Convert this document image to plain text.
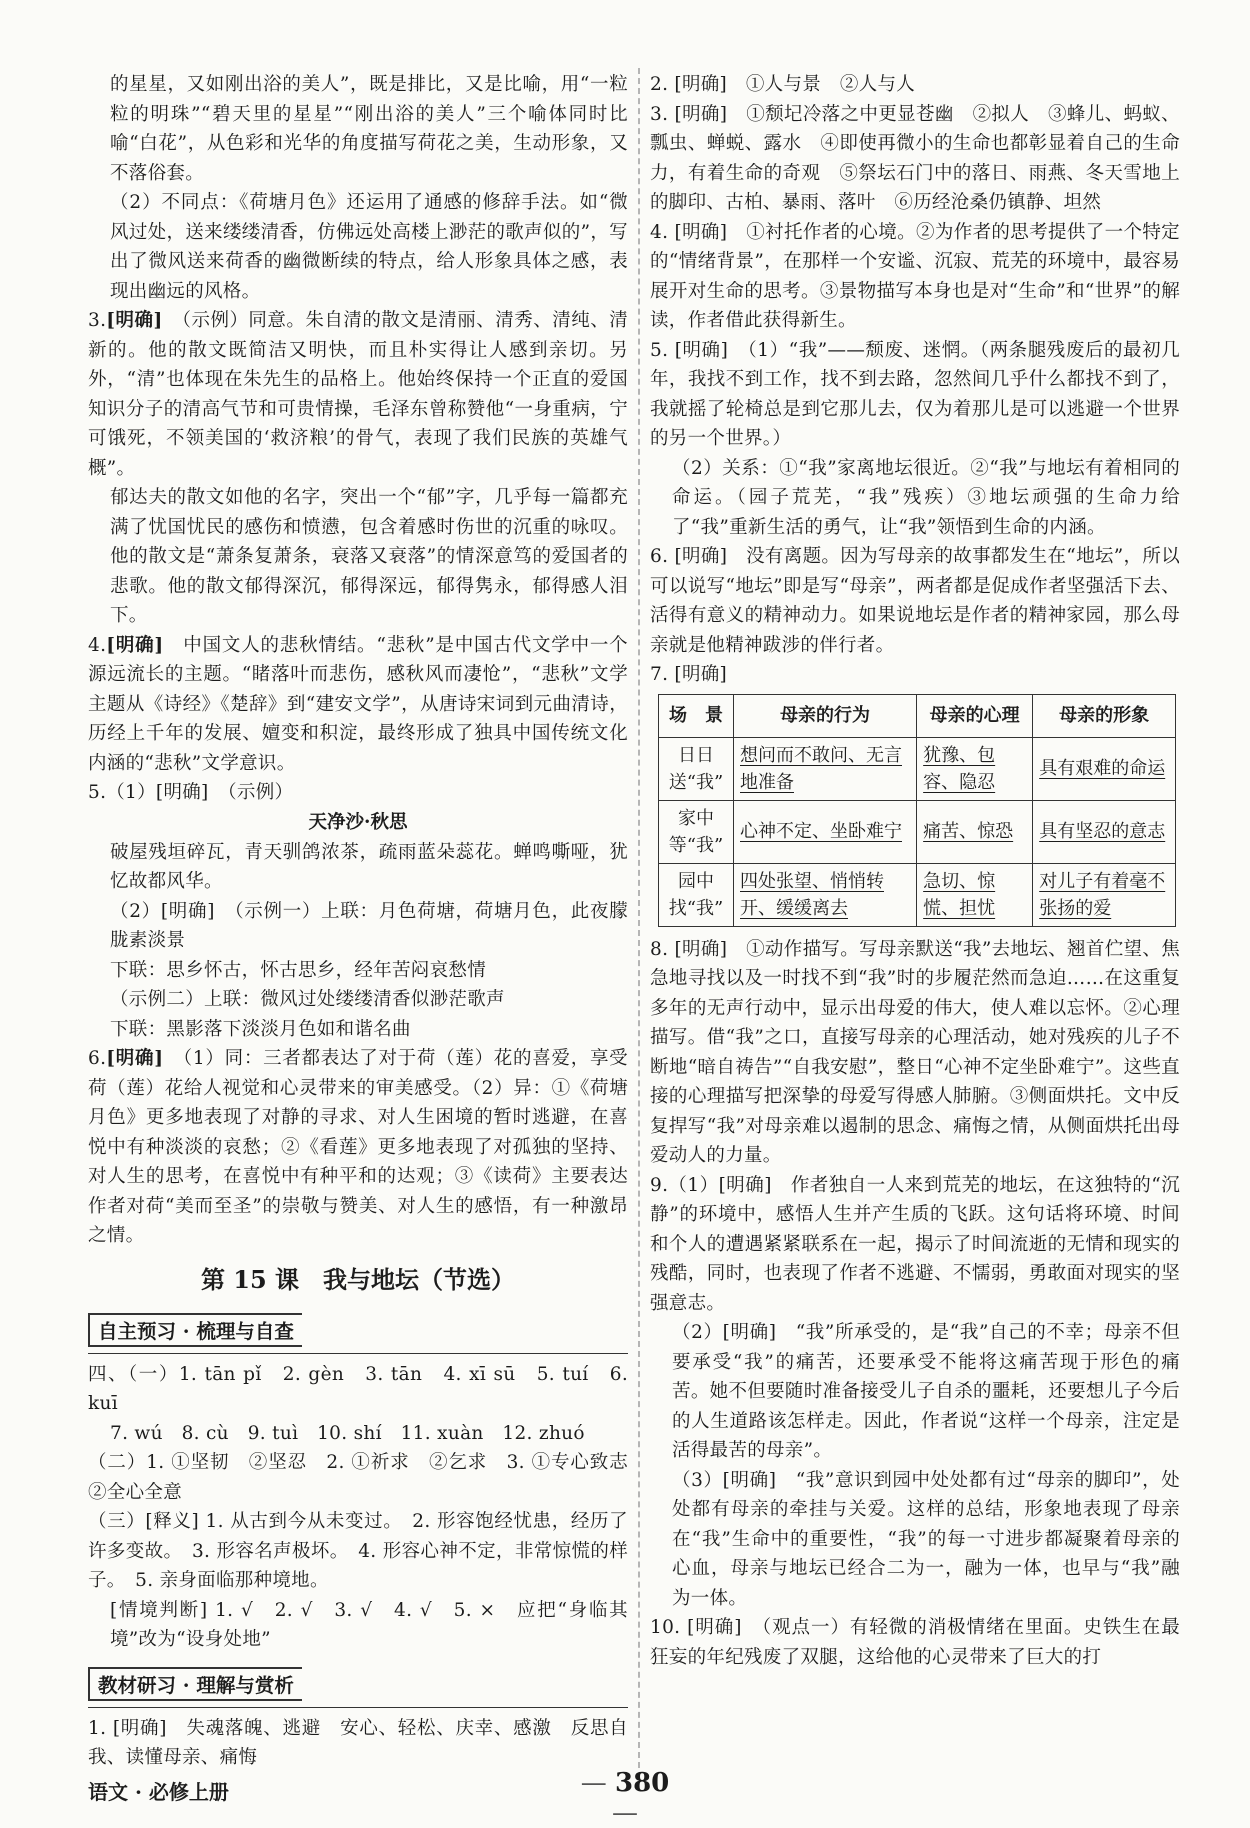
的星星，又如刚出浴的美人”，既是排比，又是比喻，用“一粒粒的明珠”“碧天里的星星”“刚出浴的美人”三个喻体同时比喻“白花”，从色彩和光华的角度描写荷花之美，生动形象，又不落俗套。

（2）不同点：《荷塘月色》还运用了通感的修辞手法。如“微风过处，送来缕缕清香，仿佛远处高楼上渺茫的歌声似的”，写出了微风送来荷香的幽微断续的特点，给人形象具体之感，表现出幽远的风格。

3.[明确]　 （示例）同意。朱自清的散文是清丽、清秀、清纯、清新的。他的散文既简洁又明快，而且朴实得让人感到亲切。另外，“清”也体现在朱先生的品格上。他始终保持一个正直的爱国知识分子的清高气节和可贵情操，毛泽东曾称赞他“一身重病，宁可饿死，不领美国的‘救济粮’的骨气，表现了我们民族的英雄气概”。

郁达夫的散文如他的名字，突出一个“郁”字，几乎每一篇都充满了忧国忧民的感伤和愤懑，包含着感时伤世的沉重的咏叹。他的散文是“萧条复萧条，衰落又衰落”的情深意笃的爱国者的悲歌。他的散文郁得深沉，郁得深远，郁得隽永，郁得感人泪下。

4.[明确]　 中国文人的悲秋情结。“悲秋”是中国古代文学中一个源远流长的主题。“睹落叶而悲伤，感秋风而凄怆”，“悲秋”文学主题从《诗经》《楚辞》到“建安文学”，从唐诗宋词到元曲清诗，历经上千年的发展、嬗变和积淀，最终形成了独具中国传统文化内涵的“悲秋”文学意识。

5.（1）[明确]　（示例）

天净沙·秋思

破屋残垣碎瓦，青天驯鸽浓茶，疏雨蓝朵蕊花。蝉鸣嘶哑，犹忆故都风华。

（2）[明确]　（示例一）上联：月色荷塘，荷塘月色，此夜朦胧素淡景

下联：思乡怀古，怀古思乡，经年苦闷哀愁情

（示例二）上联：微风过处缕缕清香似渺茫歌声

下联：黑影落下淡淡月色如和谐名曲

6.[明确]　 （1）同：三者都表达了对于荷（莲）花的喜爱，享受荷（莲）花给人视觉和心灵带来的审美感受。（2）异：①《荷塘月色》更多地表现了对静的寻求、对人生困境的暂时逃避，在喜悦中有种淡淡的哀愁；②《看莲》更多地表现了对孤独的坚持、对人生的思考，在喜悦中有种平和的达观；③《读荷》主要表达作者对荷“美而至圣”的崇敬与赞美、对人生的感悟，有一种激昂之情。

第 15 课　我与地坛（节选）

自主预习 · 梳理与自查

四、（一）1. tān pǐ　2. gèn　3. tān　4. xī sū　5. tuí　6. kuī

7. wú　8. cù　9. tuì　10. shí　11. xuàn　12. zhuó

（二）1. ①坚韧　②坚忍　2. ①祈求　②乞求　3. ①专心致志　②全心全意

（三）[释义] 1. 从古到今从未变过。　2. 形容饱经忧患，经历了许多变故。　3. 形容名声极坏。　4. 形容心神不定，非常惊慌的样子。　5. 亲身面临那种境地。

[情境判断] 1. √　2. √　3. √　4. √　5. ×　应把“身临其境”改为“设身处地”

教材研习 · 理解与赏析

1. [明确]　失魂落魄、逃避　安心、轻松、庆幸、感激　反思自我、读懂母亲、痛悔

2. [明确]　①人与景　②人与人

3. [明确]　①颓圮冷落之中更显苍幽　②拟人　③蜂儿、蚂蚁、瓢虫、蝉蜕、露水　④即使再微小的生命也都彰显着自己的生命力，有着生命的奇观　⑤祭坛石门中的落日、雨燕、冬天雪地上的脚印、古柏、暴雨、落叶　⑥历经沧桑仍镇静、坦然

4. [明确]　①衬托作者的心境。②为作者的思考提供了一个特定的“情绪背景”，在那样一个安谧、沉寂、荒芜的环境中，最容易展开对生命的思考。③景物描写本身也是对“生命”和“世界”的解读，作者借此获得新生。

5. [明确]　（1）“我”——颓废、迷惘。（两条腿残废后的最初几年，我找不到工作，找不到去路，忽然间几乎什么都找不到了，我就摇了轮椅总是到它那儿去，仅为着那儿是可以逃避一个世界的另一个世界。）

（2）关系：①“我”家离地坛很近。②“我”与地坛有着相同的命运。（园子荒芜，“我”残疾）③地坛顽强的生命力给了“我”重新生活的勇气，让“我”领悟到生命的内涵。

6. [明确]　没有离题。因为写母亲的故事都发生在“地坛”，所以可以说写“地坛”即是写“母亲”，两者都是促成作者坚强活下去、活得有意义的精神动力。如果说地坛是作者的精神家园，那么母亲就是他精神跋涉的伴行者。

7. [明确]

场　景	母亲的行为	母亲的心理	母亲的形象
日日送“我”	想问而不敢问、无言地准备	犹豫、包容、隐忍	具有艰难的命运
家中等“我”	心神不定、坐卧难宁	痛苦、惊恐	具有坚忍的意志
园中找“我”	四处张望、悄悄转开、缓缓离去	急切、惊慌、担忧	对儿子有着毫不张扬的爱

8. [明确]　①动作描写。写母亲默送“我”去地坛、翘首伫望、焦急地寻找以及一时找不到“我”时的步履茫然而急迫……在这重复多年的无声行动中，显示出母爱的伟大，使人难以忘怀。②心理描写。借“我”之口，直接写母亲的心理活动，她对残疾的儿子不断地“暗自祷告”“自我安慰”，整日“心神不定坐卧难宁”。这些直接的心理描写把深挚的母爱写得感人肺腑。③侧面烘托。文中反复捍写“我”对母亲难以遏制的思念、痛悔之情，从侧面烘托出母爱动人的力量。

9.（1）[明确]　作者独自一人来到荒芜的地坛，在这独特的“沉静”的环境中，感悟人生并产生质的飞跃。这句话将环境、时间和个人的遭遇紧紧联系在一起，揭示了时间流逝的无情和现实的残酷，同时，也表现了作者不逃避、不懦弱，勇敢面对现实的坚强意志。

（2）[明确]　“我”所承受的，是“我”自己的不幸；母亲不但要承受“我”的痛苦，还要承受不能将这痛苦现于形色的痛苦。她不但要随时准备接受儿子自杀的噩耗，还要想儿子今后的人生道路该怎样走。因此，作者说“这样一个母亲，注定是活得最苦的母亲”。

（3）[明确]　“我”意识到园中处处都有过“母亲的脚印”，处处都有母亲的牵挂与关爱。这样的总结，形象地表现了母亲在“我”生命中的重要性，“我”的每一寸进步都凝聚着母亲的心血，母亲与地坛已经合二为一，融为一体，也早与“我”融为一体。

10. [明确]　（观点一）有轻微的消极情绪在里面。史铁生在最狂妄的年纪残废了双腿，这给他的心灵带来了巨大的打

语文 · 必修上册	— 380 —
